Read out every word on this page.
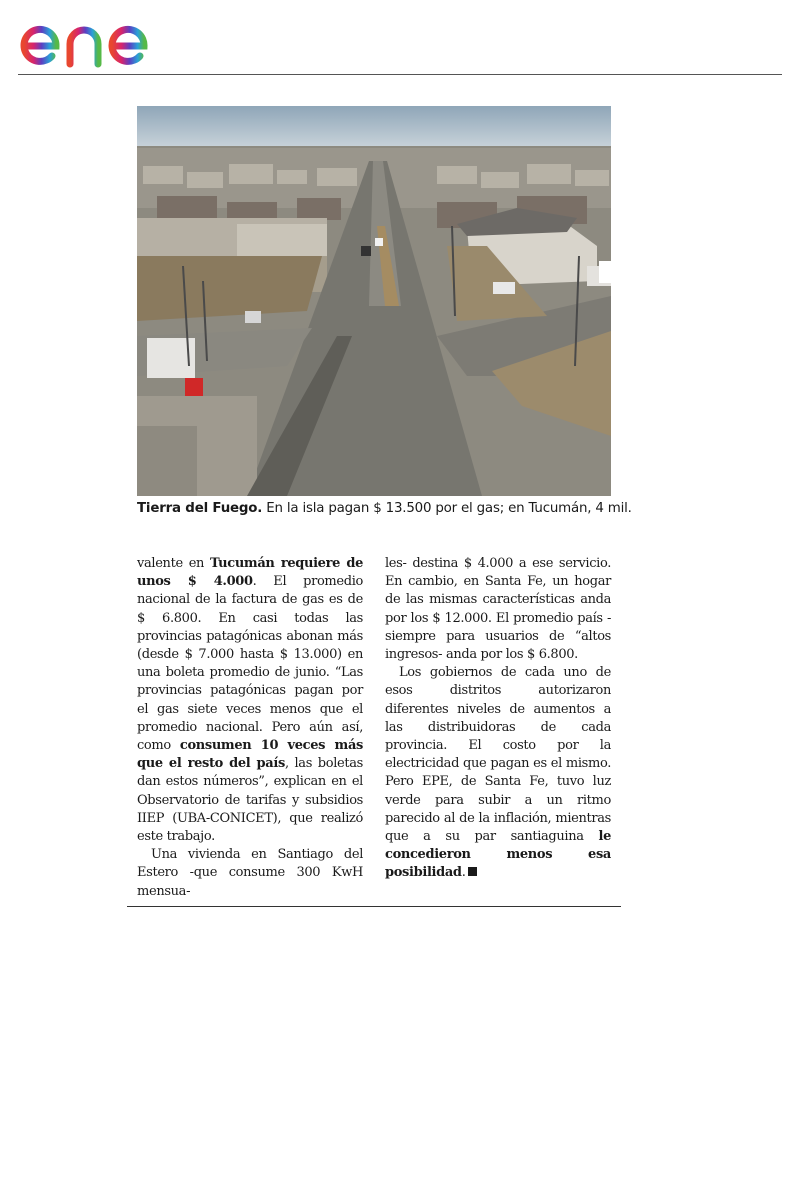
Tierra del Fuego. En la isla pagan $ 13.500 por el gas; en Tucumán, 4 mil.

valente en Tucumán requiere de unos $ 4.000. El promedio nacional de la factura de gas es de $ 6.800. En casi todas las provincias patagónicas abonan más (desde $ 7.000 hasta $ 13.000) en una boleta promedio de junio. “Las provincias patagónicas pagan por el gas siete veces menos que el promedio nacional. Pero aún así, como consumen 10 veces más que el resto del país, las boletas dan estos números”, explican en el Observatorio de tarifas y subsidios IIEP (UBA-CONICET), que realizó este trabajo.

Una vivienda en Santiago del Estero -que consume 300 KwH mensua-

les- destina $ 4.000 a ese servicio. En cambio, en Santa Fe, un hogar de las mismas características anda por los $ 12.000. El promedio país -siempre para usuarios de “altos ingresos- anda por los $ 6.800.

Los gobiernos de cada uno de esos distritos autorizaron diferentes niveles de aumentos a las distribuidoras de cada provincia. El costo por la electricidad que pagan es el mismo. Pero EPE, de Santa Fe, tuvo luz verde para subir a un ritmo parecido al de la inflación, mientras que a su par santiaguina le concedieron menos esa posibilidad.
